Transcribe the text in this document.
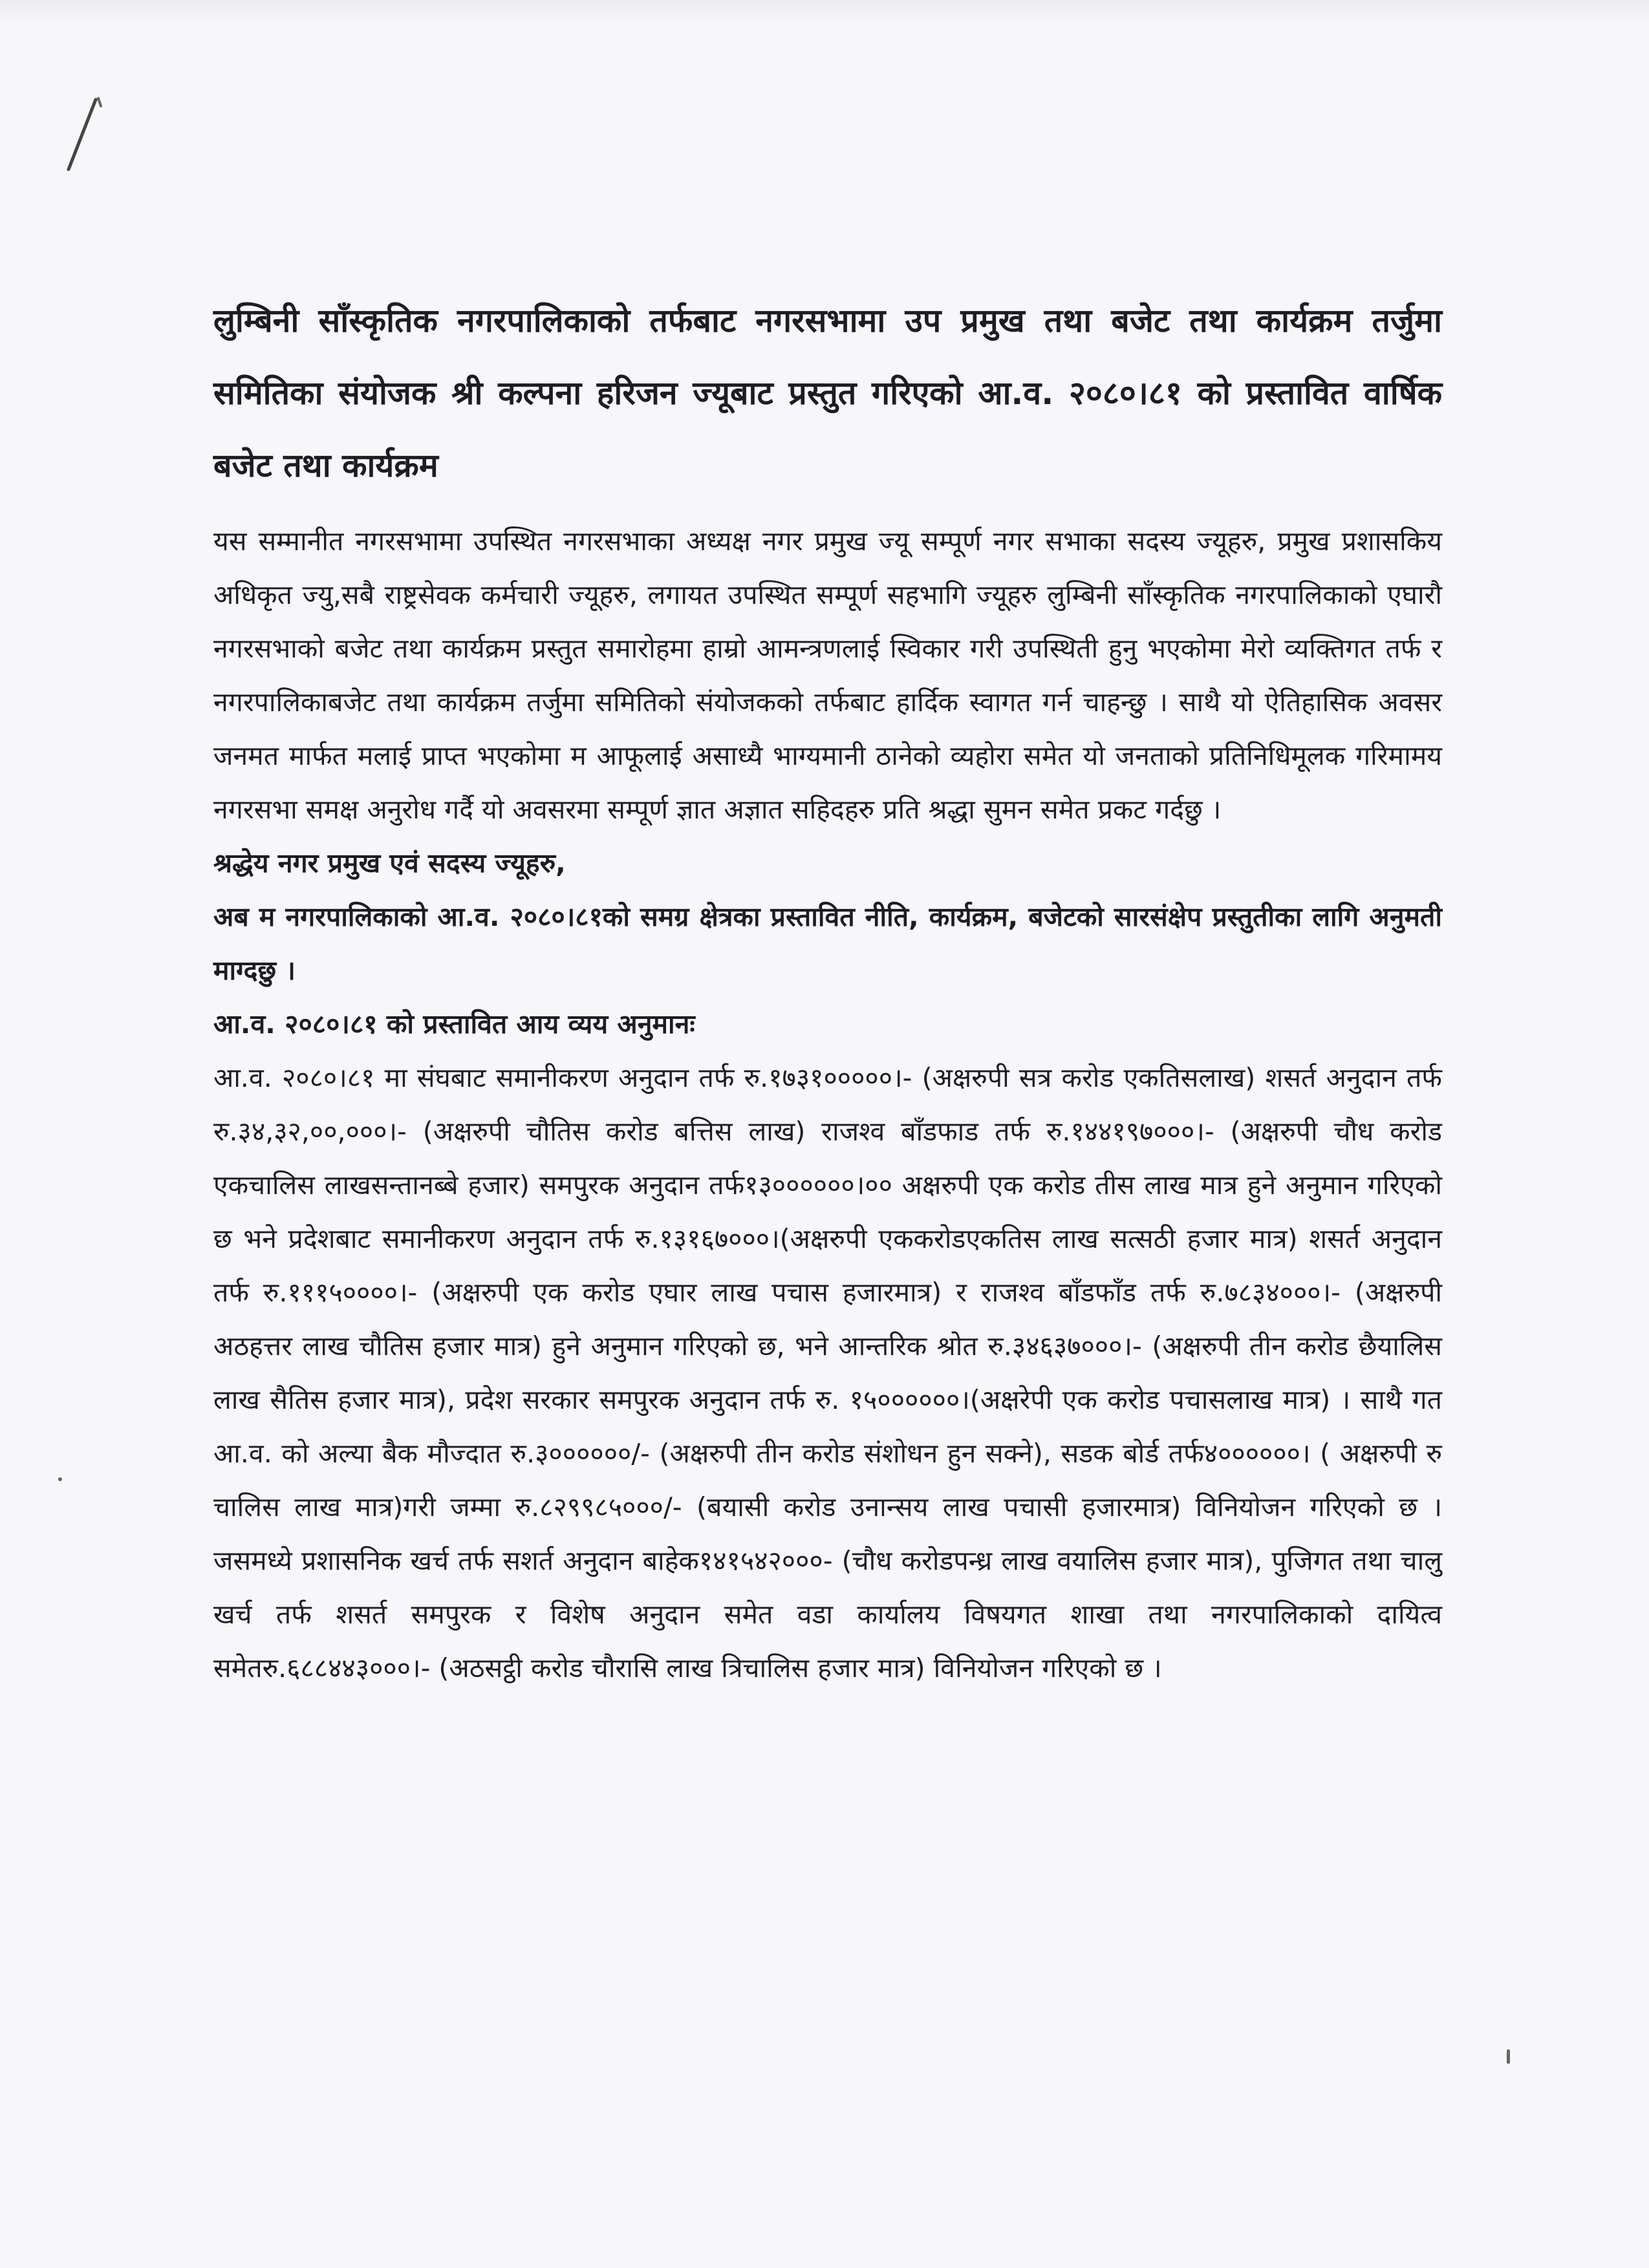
लुम्बिनी साँस्कृतिक नगरपालिकाको तर्फबाट नगरसभामा उप प्रमुख तथा बजेट तथा कार्यक्रम तर्जुमा समितिका संयोजक श्री कल्पना हरिजन ज्यूबाट प्रस्तुत गरिएको आ.व. २०८०।८१ को प्रस्तावित वार्षिक बजेट तथा कार्यक्रम

यस सम्मानीत नगरसभामा उपस्थित नगरसभाका अध्यक्ष नगर प्रमुख ज्यू सम्पूर्ण नगर सभाका सदस्य ज्यूहरु, प्रमुख प्रशासकिय अधिकृत ज्यु,सबै राष्ट्रसेवक कर्मचारी ज्यूहरु, लगायत उपस्थित सम्पूर्ण सहभागि ज्यूहरु लुम्बिनी साँस्कृतिक नगरपालिकाको एघारौ नगरसभाको बजेट तथा कार्यक्रम प्रस्तुत समारोहमा हाम्रो आमन्त्रणलाई स्विकार गरी उपस्थिती हुनु भएकोमा मेरो व्यक्तिगत तर्फ र नगरपालिकाबजेट तथा कार्यक्रम तर्जुमा समितिको संयोजकको तर्फबाट हार्दिक स्वागत गर्न चाहन्छु । साथै यो ऐतिहासिक अवसर जनमत मार्फत मलाई प्राप्त भएकोमा म आफूलाई असाध्यै भाग्यमानी ठानेको व्यहोरा समेत यो जनताको प्रतिनिधिमूलक गरिमामय नगरसभा समक्ष अनुरोध गर्दै यो अवसरमा सम्पूर्ण ज्ञात अज्ञात सहिदहरु प्रति श्रद्धा सुमन समेत प्रकट गर्दछु ।

श्रद्धेय नगर प्रमुख एवं सदस्य ज्यूहरु,

अब म नगरपालिकाको आ.व. २०८०।८१को समग्र क्षेत्रका प्रस्तावित नीति, कार्यक्रम, बजेटको सारसंक्षेप प्रस्तुतीका लागि अनुमती माग्दछु ।

आ.व. २०८०।८१ को प्रस्तावित आय व्यय अनुमानः

आ.व. २०८०।८१ मा संघबाट समानीकरण अनुदान तर्फ रु.१७३१०००००।- (अक्षरुपी सत्र करोड एकतिसलाख) शसर्त अनुदान तर्फ रु.३४,३२,००,०००।- (अक्षरुपी चौतिस करोड बत्तिस लाख) राजश्व बाँडफाड तर्फ रु.१४४१९७०००।- (अक्षरुपी चौध करोड एकचालिस लाखसन्तानब्बे हजार) समपुरक अनुदान तर्फ१३००००००।०० अक्षरुपी एक करोड तीस लाख मात्र हुने अनुमान गरिएको छ भने प्रदेशबाट समानीकरण अनुदान तर्फ रु.१३१६७०००।(अक्षरुपी एककरोडएकतिस लाख सत्सठी हजार मात्र) शसर्त अनुदान तर्फ रु.१११५००००।- (अक्षरुपी एक करोड एघार लाख पचास हजारमात्र) र राजश्व बाँडफाँड तर्फ रु.७८३४०००।- (अक्षरुपी अठहत्तर लाख चौतिस हजार मात्र) हुने अनुमान गरिएको छ, भने आन्तरिक श्रोत रु.३४६३७०००।- (अक्षरुपी तीन करोड छैयालिस लाख सैतिस हजार मात्र), प्रदेश सरकार समपुरक अनुदान तर्फ रु. १५००००००।(अक्षरेपी एक करोड पचासलाख मात्र) । साथै गत आ.व. को अल्या बैक मौज्दात रु.३००००००/- (अक्षरुपी तीन करोड संशोधन हुन सक्ने), सडक बोर्ड तर्फ४००००००। ( अक्षरुपी रु चालिस लाख मात्र)गरी जम्मा रु.८२९९८५०००/- (बयासी करोड उनान्सय लाख पचासी हजारमात्र) विनियोजन गरिएको छ । जसमध्ये प्रशासनिक खर्च तर्फ सशर्त अनुदान बाहेक१४१५४२०००- (चौध करोडपन्ध्र लाख वयालिस हजार मात्र), पुजिगत तथा चालु खर्च तर्फ शसर्त समपुरक र विशेष अनुदान समेत वडा कार्यालय विषयगत शाखा तथा नगरपालिकाको दायित्व समेतरु.६८८४४३०००।- (अठसट्ठी करोड चौरासि लाख त्रिचालिस हजार मात्र) विनियोजन गरिएको छ ।
